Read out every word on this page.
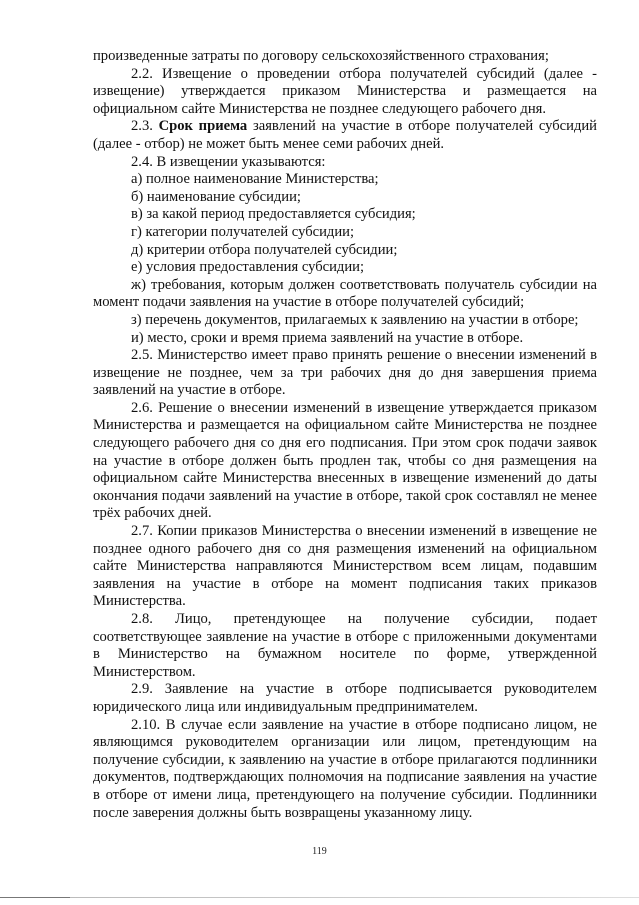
произведенные затраты по договору сельскохозяйственного страхования;

2.2. Извещение о проведении отбора получателей субсидий (далее - извещение) утверждается приказом Министерства и размещается на официальном сайте Министерства не позднее следующего рабочего дня.

2.3. Срок приема заявлений на участие в отборе получателей субсидий (далее - отбор) не может быть менее семи рабочих дней.

2.4. В извещении указываются:

а) полное наименование Министерства;

б) наименование субсидии;

в) за какой период предоставляется субсидия;

г) категории получателей субсидии;

д) критерии отбора получателей субсидии;

е) условия предоставления субсидии;

ж) требования, которым должен соответствовать получатель субсидии на момент подачи заявления на участие в отборе получателей субсидий;

з) перечень документов, прилагаемых к заявлению на участии в отборе;

и) место, сроки и время приема заявлений на участие в отборе.

2.5. Министерство имеет право принять решение о внесении изменений в извещение не позднее, чем за три рабочих дня до дня завершения приема заявлений на участие в отборе.

2.6. Решение о внесении изменений в извещение утверждается приказом Министерства и размещается на официальном сайте Министерства не позднее следующего рабочего дня со дня его подписания. При этом срок подачи заявок на участие в отборе должен быть продлен так, чтобы со дня размещения на официальном сайте Министерства внесенных в извещение изменений до даты окончания подачи заявлений на участие в отборе, такой срок составлял не менее трёх рабочих дней.

2.7. Копии приказов Министерства о внесении изменений в извещение не позднее одного рабочего дня со дня размещения изменений на официальном сайте Министерства направляются Министерством всем лицам, подавшим заявления на участие в отборе на момент подписания таких приказов Министерства.

2.8. Лицо, претендующее на получение субсидии, подает соответствующее заявление на участие в отборе с приложенными документами в Министерство на бумажном носителе по форме, утвержденной Министерством.

2.9. Заявление на участие в отборе подписывается руководителем юридического лица или индивидуальным предпринимателем.

2.10. В случае если заявление на участие в отборе подписано лицом, не являющимся руководителем организации или лицом, претендующим на получение субсидии, к заявлению на участие в отборе прилагаются подлинники документов, подтверждающих полномочия на подписание заявления на участие в отборе от имени лица, претендующего на получение субсидии. Подлинники после заверения должны быть возвращены указанному лицу.

119
